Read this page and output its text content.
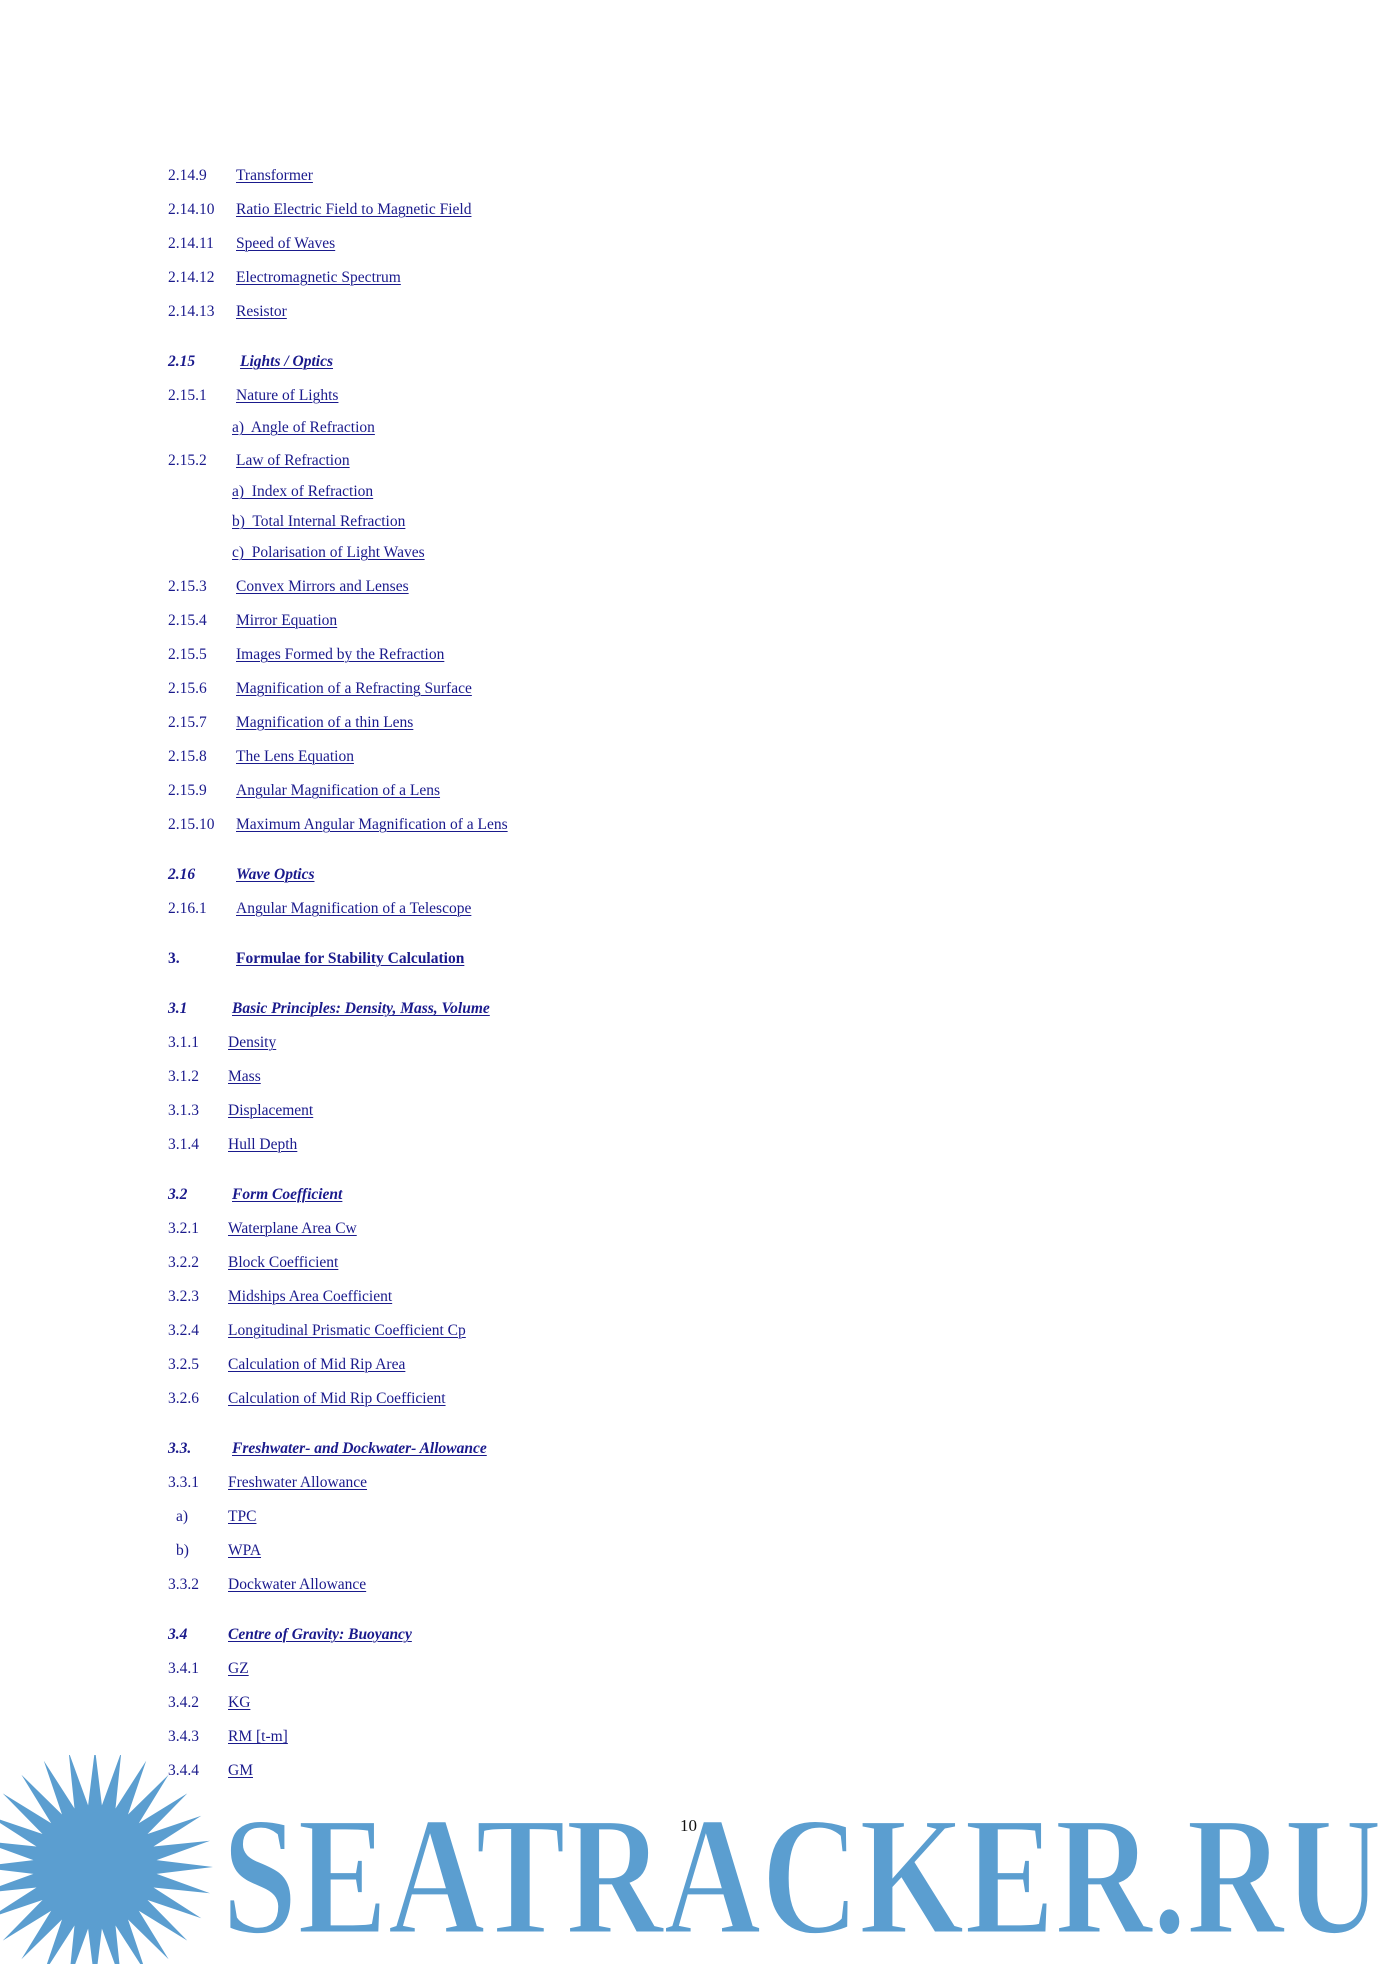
2.14.9 Transformer
2.14.10 Ratio Electric Field to Magnetic Field
2.14.11 Speed of Waves
2.14.12 Electromagnetic Spectrum
2.14.13 Resistor
2.15	Lights / Optics
2.15.1 Nature of Lights
a)  Angle of Refraction
2.15.2 Law of Refraction
a)  Index of Refraction
b)  Total Internal Refraction
c)  Polarisation of Light Waves
2.15.3 Convex Mirrors and Lenses
2.15.4 Mirror Equation
2.15.5 Images Formed by the Refraction
2.15.6 Magnification of a Refracting Surface
2.15.7 Magnification of a thin Lens
2.15.8 The Lens Equation
2.15.9 Angular Magnification of a Lens
2.15.10 Maximum Angular Magnification of a Lens
2.16	Wave Optics
2.16.1 Angular Magnification of a Telescope
3.	Formulae for Stability Calculation
3.1	Basic Principles: Density, Mass, Volume
3.1.1 Density
3.1.2 Mass
3.1.3 Displacement
3.1.4 Hull Depth
3.2	Form Coefficient
3.2.1 Waterplane Area Cw
3.2.2 Block Coefficient
3.2.3 Midships Area Coefficient
3.2.4 Longitudinal Prismatic Coefficient Cp
3.2.5 Calculation of Mid Rip Area
3.2.6 Calculation of Mid Rip Coefficient
3.3.	Freshwater- and Dockwater- Allowance
3.3.1 Freshwater Allowance
a)	TPC
b)	WPA
3.3.2 Dockwater Allowance
3.4	Centre of Gravity: Buoyancy
3.4.1 GZ
3.4.2 KG
3.4.3 RM [t-m]
3.4.4 GM
10
SEATRACKER.RU
